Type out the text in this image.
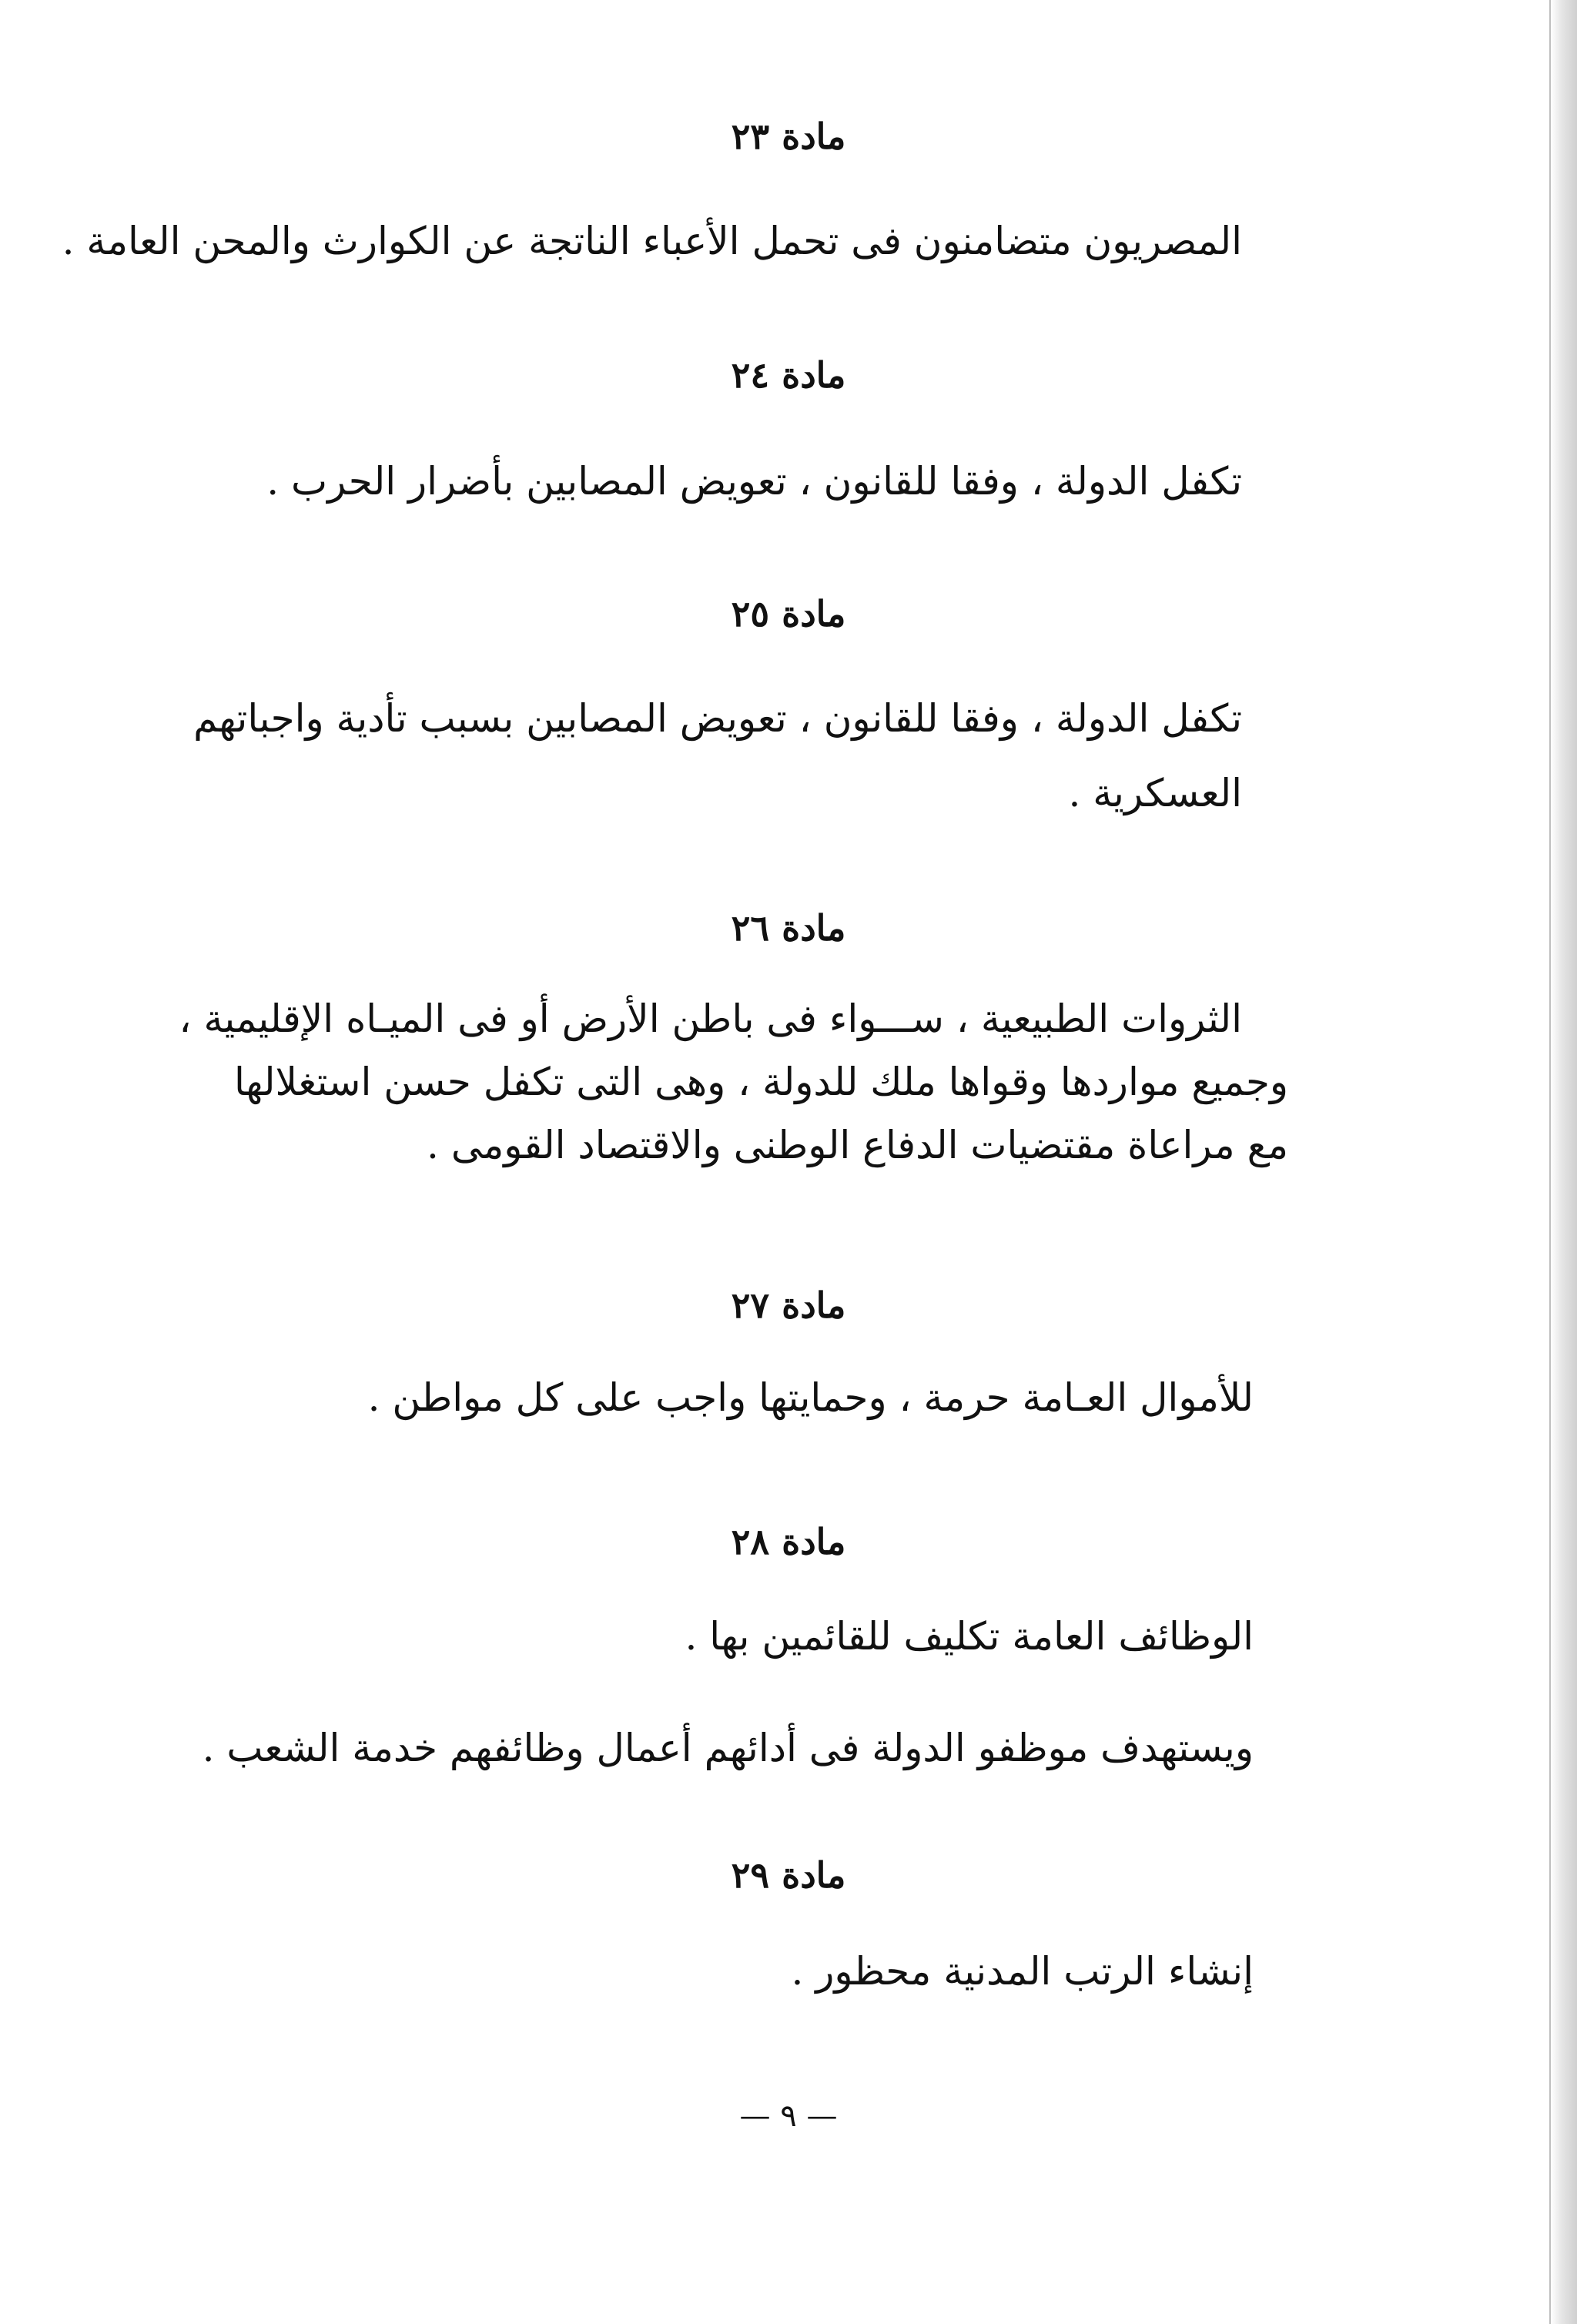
مادة ٢٣
المصريون متضامنون فى تحمل الأعباء الناتجة عن الكوارث والمحن العامة .
مادة ٢٤
تكفل الدولة ، وفقا للقانون ، تعويض المصابين بأضرار الحرب .
مادة ٢٥
تكفل الدولة ، وفقا للقانون ، تعويض المصابين بسبب تأدية واجباتهم
العسكرية .
مادة ٢٦
الثروات الطبيعية ، ســـواء فى باطن الأرض أو فى الميـاه الإقليمية ،
وجميع مواردها وقواها ملك للدولة ، وهى التى تكفل حسن استغلالها
مع مراعاة مقتضيات الدفاع الوطنى والاقتصاد القومى .
مادة ٢٧
للأموال العـامة حرمة ، وحمايتها واجب على كل مواطن .
مادة ٢٨
الوظائف العامة تكليف للقائمين بها .
ويستهدف موظفو الدولة فى أدائهم أعمال وظائفهم خدمة الشعب .
مادة ٢٩
إنشاء الرتب المدنية محظور .
— ٩ —
